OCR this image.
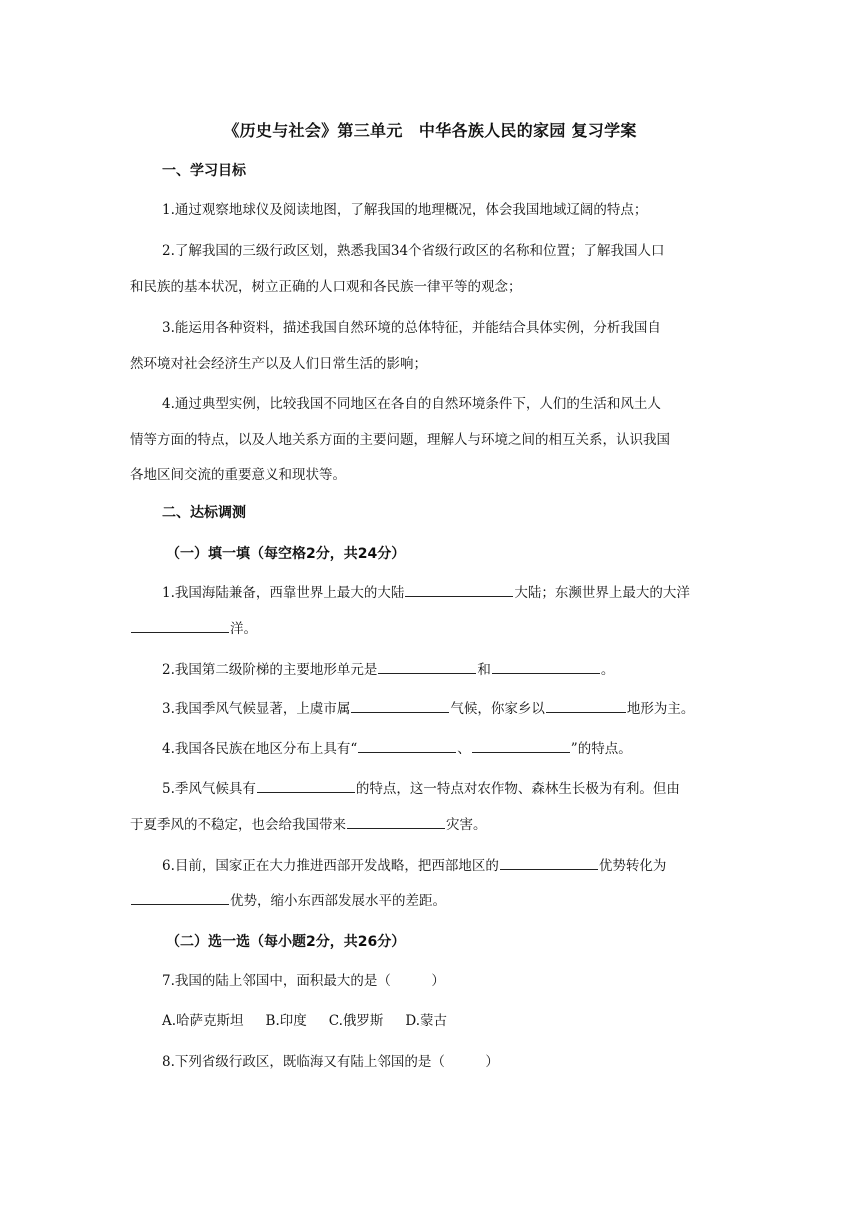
《历史与社会》第三单元　中华各族人民的家园 复习学案
一、学习目标
1.通过观察地球仪及阅读地图，了解我国的地理概况，体会我国地域辽阔的特点；
2.了解我国的三级行政区划，熟悉我国34个省级行政区的名称和位置；了解我国人口
和民族的基本状况，树立正确的人口观和各民族一律平等的观念；
3.能运用各种资料，描述我国自然环境的总体特征，并能结合具体实例，分析我国自
然环境对社会经济生产以及人们日常生活的影响；
4.通过典型实例，比较我国不同地区在各自的自然环境条件下，人们的生活和风土人
情等方面的特点，以及人地关系方面的主要问题，理解人与环境之间的相互关系，认识我国
各地区间交流的重要意义和现状等。
二、达标调测
（一）填一填（每空格2分，共24分）
1.我国海陆兼备，西靠世界上最大的大陆	大陆；东濒世界上最大的大洋
洋。
2.我国第二级阶梯的主要地形单元是	和	。
3.我国季风气候显著，上虞市属	气候，你家乡以	地形为主。
4.我国各民族在地区分布上具有“	、	”的特点。
5.季风气候具有	的特点，这一特点对农作物、森林生长极为有利。但由
于夏季风的不稳定，也会给我国带来	灾害。
6.目前，国家正在大力推进西部开发战略，把西部地区的	优势转化为
优势，缩小东西部发展水平的差距。
（二）选一选（每小题2分，共26分）
7.我国的陆上邻国中，面积最大的是（　　　）
A.哈萨克斯坦 B.印度 C.俄罗斯 D.蒙古
8.下列省级行政区，既临海又有陆上邻国的是（　　　）
